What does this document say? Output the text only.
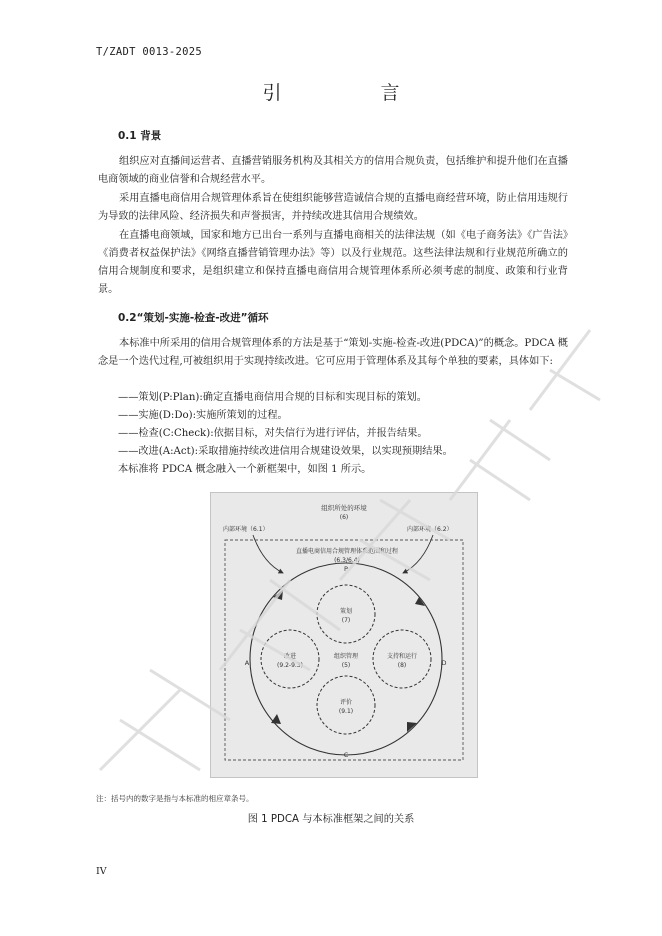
T/ZADT 0013-2025
引　言
0.1 背景

组织应对直播间运营者、直播营销服务机构及其相关方的信用合规负责，包括维护和提升他们在直播电商领域的商业信誉和合规经营水平。

采用直播电商信用合规管理体系旨在使组织能够营造诚信合规的直播电商经营环境，防止信用违规行为导致的法律风险、经济损失和声誉损害，并持续改进其信用合规绩效。

在直播电商领域，国家和地方已出台一系列与直播电商相关的法律法规（如《电子商务法》《广告法》《消费者权益保护法》《网络直播营销管理办法》等）以及行业规范。这些法律法规和行业规范所确立的信用合规制度和要求，是组织建立和保持直播电商信用合规管理体系所必须考虑的制度、政策和行业背景。

0.2“策划-实施-检查-改进”循环

本标准中所采用的信用合规管理体系的方法是基于“策划-实施-检查-改进(PDCA)”的概念。PDCA 概念是一个迭代过程,可被组织用于实现持续改进。它可应用于管理体系及其每个单独的要素，具体如下:

——策划(P:Plan):确定直播电商信用合规的目标和实现目标的策划。
——实施(D:Do):实施所策划的过程。
——检查(C:Check):依据目标，对失信行为进行评估，并报告结果。
——改进(A:Act):采取措施持续改进信用合规建设效果，以实现预期结果。
本标准将 PDCA 概念融入一个新框架中，如图 1 所示。
组织所处的环境
(6)
内部环境（6.1）	内部环境（6.2）
直播电商信用合规管理体系范围和过程
(6.3/6.4)
P
D
C
A
策划
(7)
改进
(9.2-9.3)
组织管理
(5)
支持和运行
(8)
评价
(9.1)
注：括号内的数字是指与本标准的相应章条号。
图 1 PDCA 与本标准框架之间的关系
IV
